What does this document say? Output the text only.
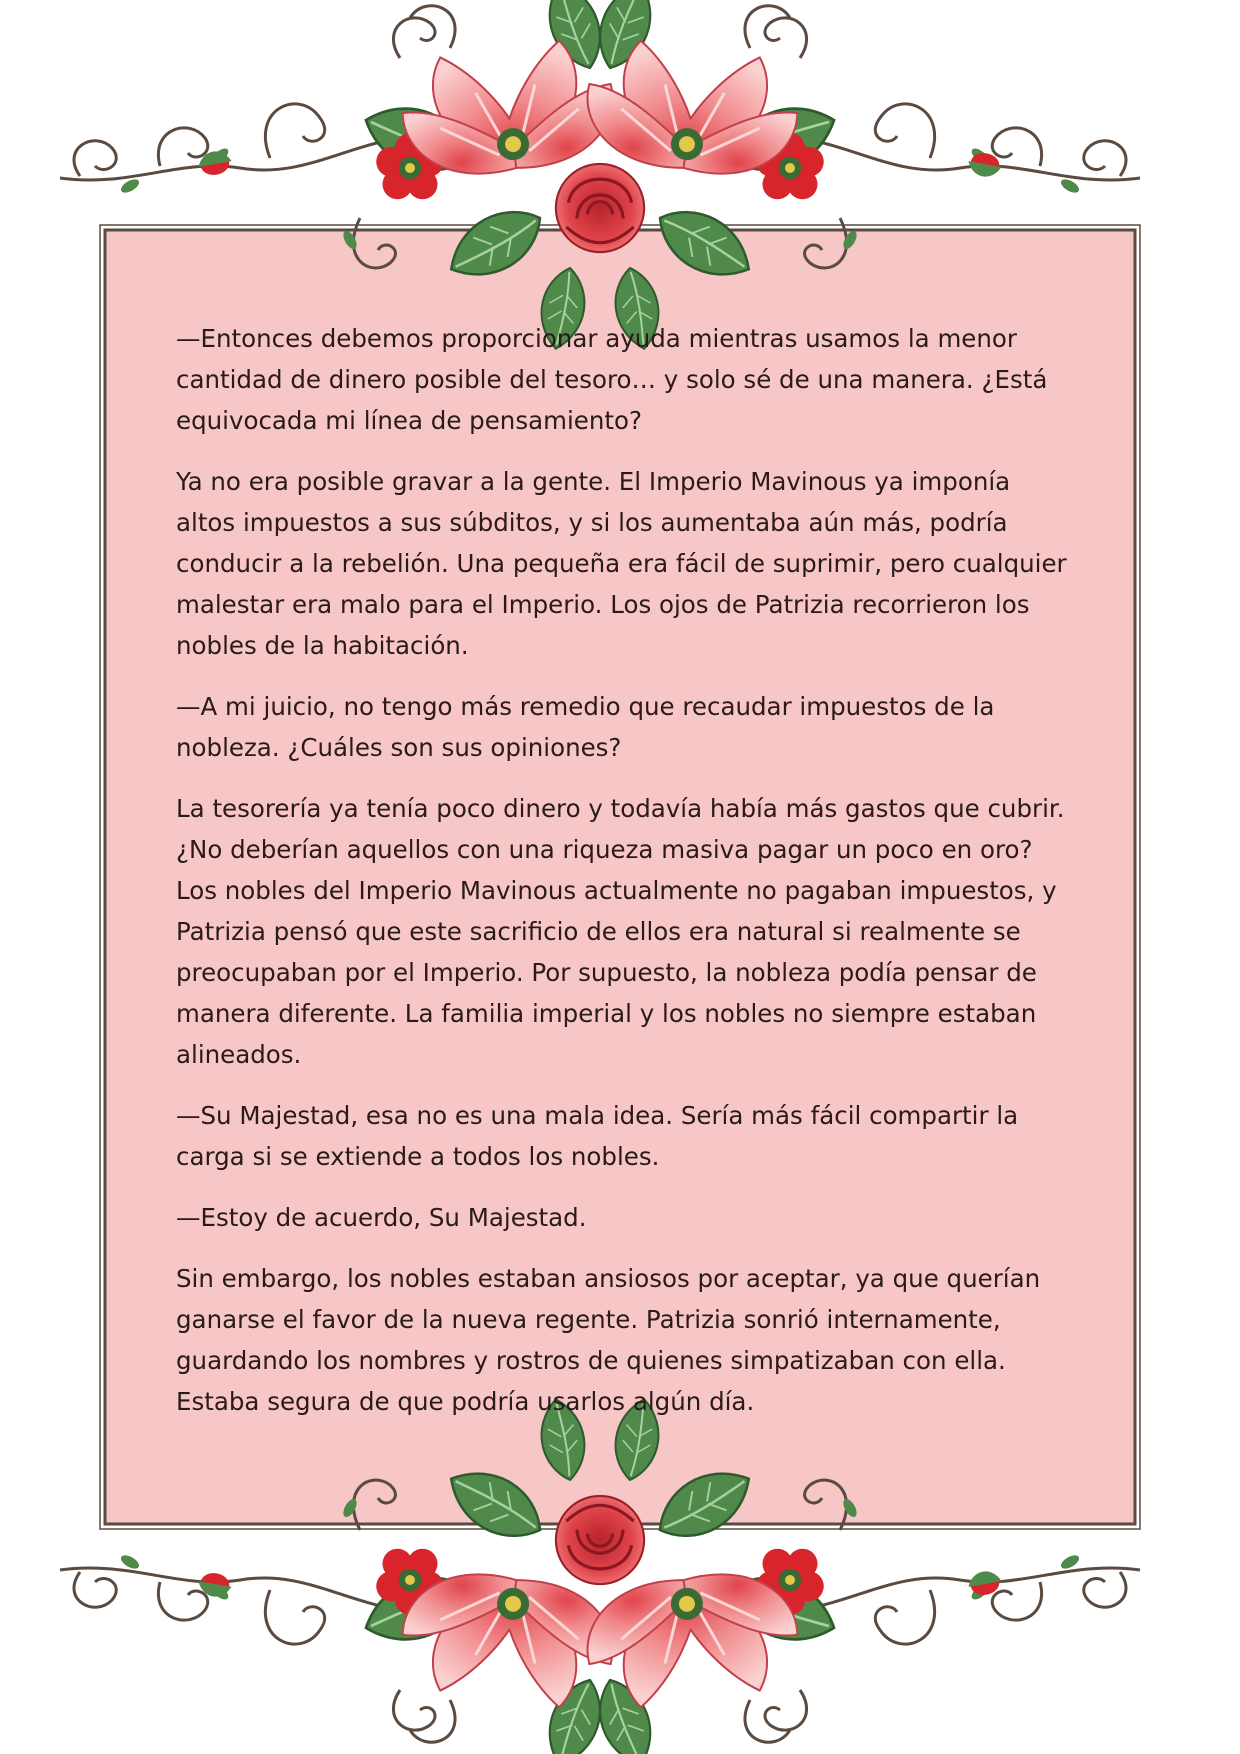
—Entonces debemos proporcionar ayuda mientras usamos la menor cantidad de dinero posible del tesoro… y solo sé de una manera. ¿Está equivocada mi línea de pensamiento?

Ya no era posible gravar a la gente. El Imperio Mavinous ya imponía altos impuestos a sus súbditos, y si los aumentaba aún más, podría conducir a la rebelión. Una pequeña era fácil de suprimir, pero cualquier malestar era malo para el Imperio. Los ojos de Patrizia recorrieron los nobles de la habitación.

—A mi juicio, no tengo más remedio que recaudar impuestos de la nobleza. ¿Cuáles son sus opiniones?

La tesorería ya tenía poco dinero y todavía había más gastos que cubrir. ¿No deberían aquellos con una riqueza masiva pagar un poco en oro? Los nobles del Imperio Mavinous actualmente no pagaban impuestos, y Patrizia pensó que este sacrificio de ellos era natural si realmente se preocupaban por el Imperio. Por supuesto, la nobleza podía pensar de manera diferente. La familia imperial y los nobles no siempre estaban alineados.

—Su Majestad, esa no es una mala idea. Sería más fácil compartir la carga si se extiende a todos los nobles.

—Estoy de acuerdo, Su Majestad.

Sin embargo, los nobles estaban ansiosos por aceptar, ya que querían ganarse el favor de la nueva regente. Patrizia sonrió internamente, guardando los nombres y rostros de quienes simpatizaban con ella. Estaba segura de que podría usarlos algún día.
